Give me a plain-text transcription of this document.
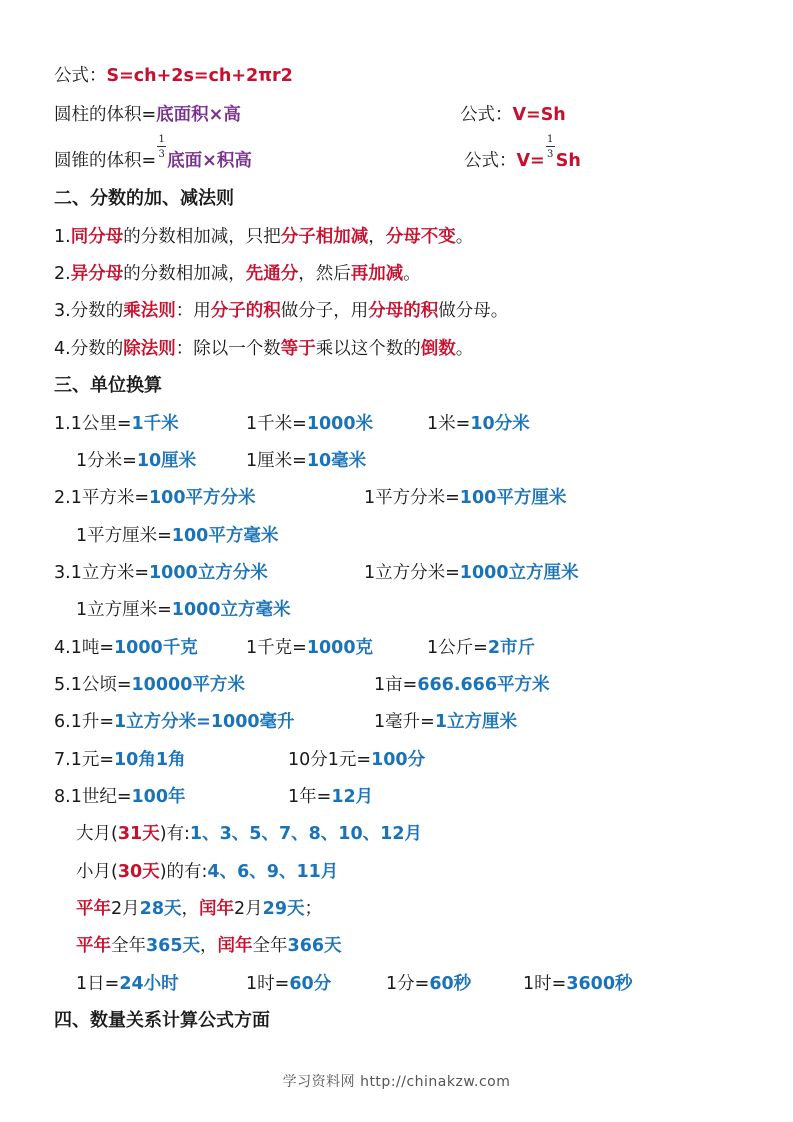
公式：S=ch+2s=ch+2πr2
圆柱的体积=底面积×高	公式：V=Sh
圆锥的体积= $\frac{1}{3}$ 底面×积高	公式：$V= \frac{1}{3}$ Sh
二、分数的加、减法则
1.同分母的分数相加减，只把分子相加减，分母不变。
2.异分母的分数相加减，先通分，然后再加减。
3.分数的乘法则：用分子的积做分子，用分母的积做分母。
4.分数的除法则：除以一个数等于乘以这个数的倒数。
三、单位换算
1.1公里=1千米	1千米=1000米	1米=10分米
1分米=10厘米	1厘米=10毫米
2.1平方米=100平方分米	1平方分米=100平方厘米
1平方厘米=100平方毫米
3.1立方米=1000立方分米	1立方分米=1000立方厘米
1立方厘米=1000立方毫米
4.1吨=1000千克	1千克=1000克	1公斤=2市斤
5.1公顷=10000平方米	1亩=666.666平方米
6.1升=1立方分米=1000毫升	1毫升=1立方厘米
7.1元=10角1角	10分1元=100分
8.1世纪=100年	1年=12月
大月(31天)有:1、3、5、7、8、10、12月
小月(30天)的有:4、6、9、11月
平年2月28天，闰年2月29天；
平年全年365天，闰年全年366天
1日=24小时	1时=60分	1分=60秒	1时=3600秒
四、数量关系计算公式方面
学习资料网 http://chinakzw.com
